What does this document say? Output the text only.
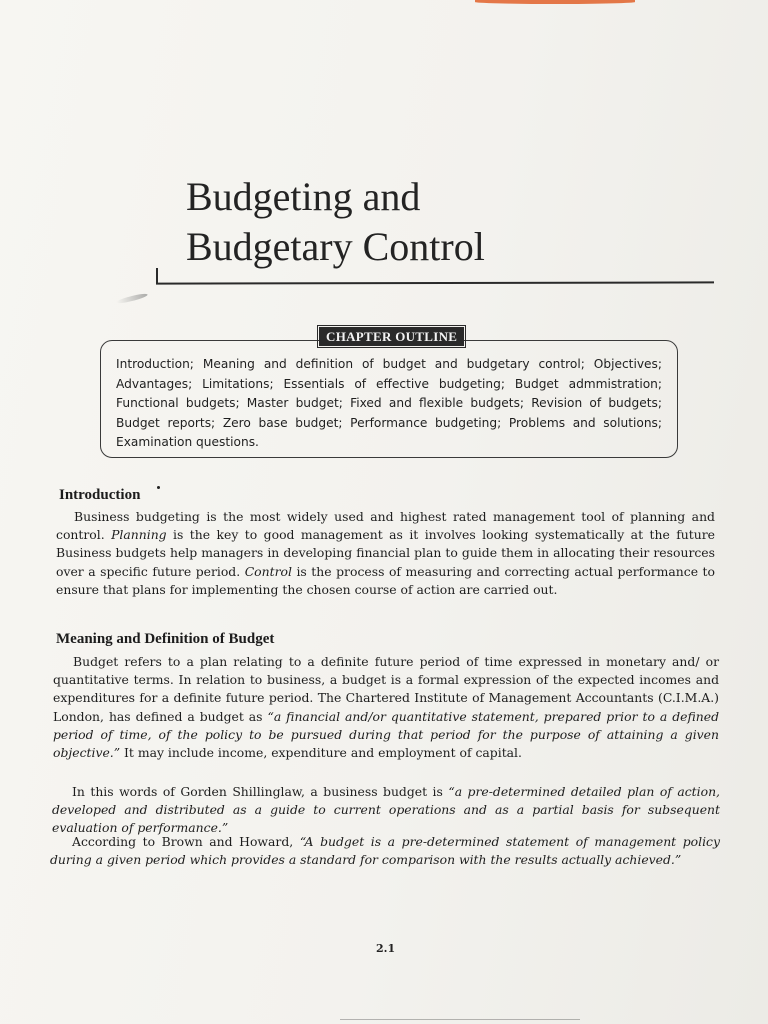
Budgeting and
Budgetary Control
CHAPTER OUTLINE

Introduction; Meaning and definition of budget and budgetary control; Objectives; Advantages; Limitations; Essentials of effective budgeting; Budget admmistration; Functional budgets; Master budget; Fixed and flexible budgets; Revision of budgets; Budget reports; Zero base budget; Performance budgeting; Problems and solutions; Examination questions.

Introduction

Business budgeting is the most widely used and highest rated management tool of planning and control. Planning is the key to good management as it involves looking systematically at the future Business budgets help managers in developing financial plan to guide them in allocating their resources over a specific future period. Control is the process of measuring and correcting actual performance to ensure that plans for implementing the chosen course of action are carried out.

Meaning and Definition of Budget

Budget refers to a plan relating to a definite future period of time expressed in monetary and/ or quantitative terms. In relation to business, a budget is a formal expression of the expected incomes and expenditures for a definite future period. The Chartered Institute of Management Accountants (C.I.M.A.) London, has defined a budget as “a financial and/or quantitative statement, prepared prior to a defined period of time, of the policy to be pursued during that period for the purpose of attaining a given objective.” It may include income, expenditure and employment of capital.

In this words of Gorden Shillinglaw, a business budget is “a pre-determined detailed plan of action, developed and distributed as a guide to current operations and as a partial basis for subsequent evaluation of performance.”

According to Brown and Howard, “A budget is a pre-determined statement of management policy during a given period which provides a standard for comparison with the results actually achieved.”

2.1
